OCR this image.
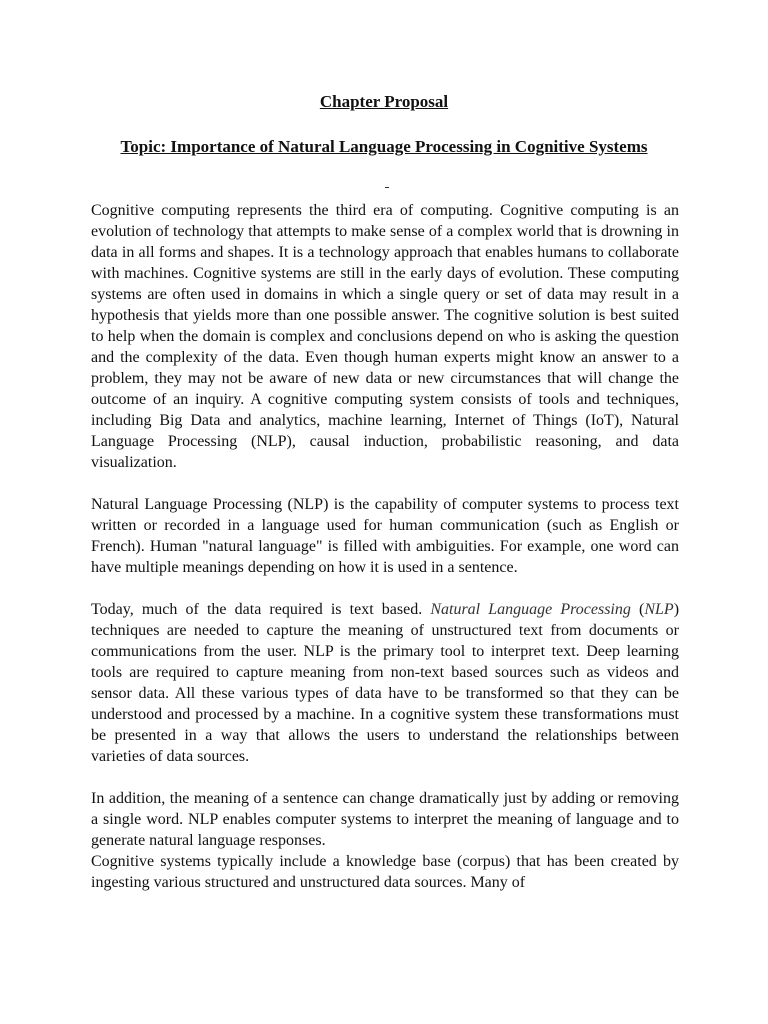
Chapter Proposal
Topic: Importance of Natural Language Processing in Cognitive Systems

Cognitive computing represents the third era of computing. Cognitive computing is an evolution of technology that attempts to make sense of a complex world that is drowning in data in all forms and shapes. It is a technology approach that enables humans to collaborate with machines. Cognitive systems are still in the early days of evolution. These computing systems are often used in domains in which a single query or set of data may result in a hypothesis that yields more than one possible answer. The cognitive solution is best suited to help when the domain is complex and conclusions depend on who is asking the question and the complexity of the data. Even though human experts might know an answer to a problem, they may not be aware of new data or new circumstances that will change the outcome of an inquiry. A cognitive computing system consists of tools and techniques, including Big Data and analytics, machine learning, Internet of Things (IoT), Natural Language Processing (NLP), causal induction, probabilistic reasoning, and data visualization.

Natural Language Processing (NLP) is the capability of computer systems to process text written or recorded in a language used for human communication (such as English or French). Human "natural language" is filled with ambiguities. For example, one word can have multiple meanings depending on how it is used in a sentence.

Today, much of the data required is text based. Natural Language Processing (NLP) techniques are needed to capture the meaning of unstructured text from documents or communications from the user. NLP is the primary tool to interpret text. Deep learning tools are required to capture meaning from non-text based sources such as videos and sensor data. All these various types of data have to be transformed so that they can be understood and processed by a machine. In a cognitive system these transformations must be presented in a way that allows the users to understand the relationships between varieties of data sources.

In addition, the meaning of a sentence can change dramatically just by adding or removing a single word. NLP enables computer systems to interpret the meaning of language and to generate natural language responses.

Cognitive systems typically include a knowledge base (corpus) that has been created by ingesting various structured and unstructured data sources. Many of
